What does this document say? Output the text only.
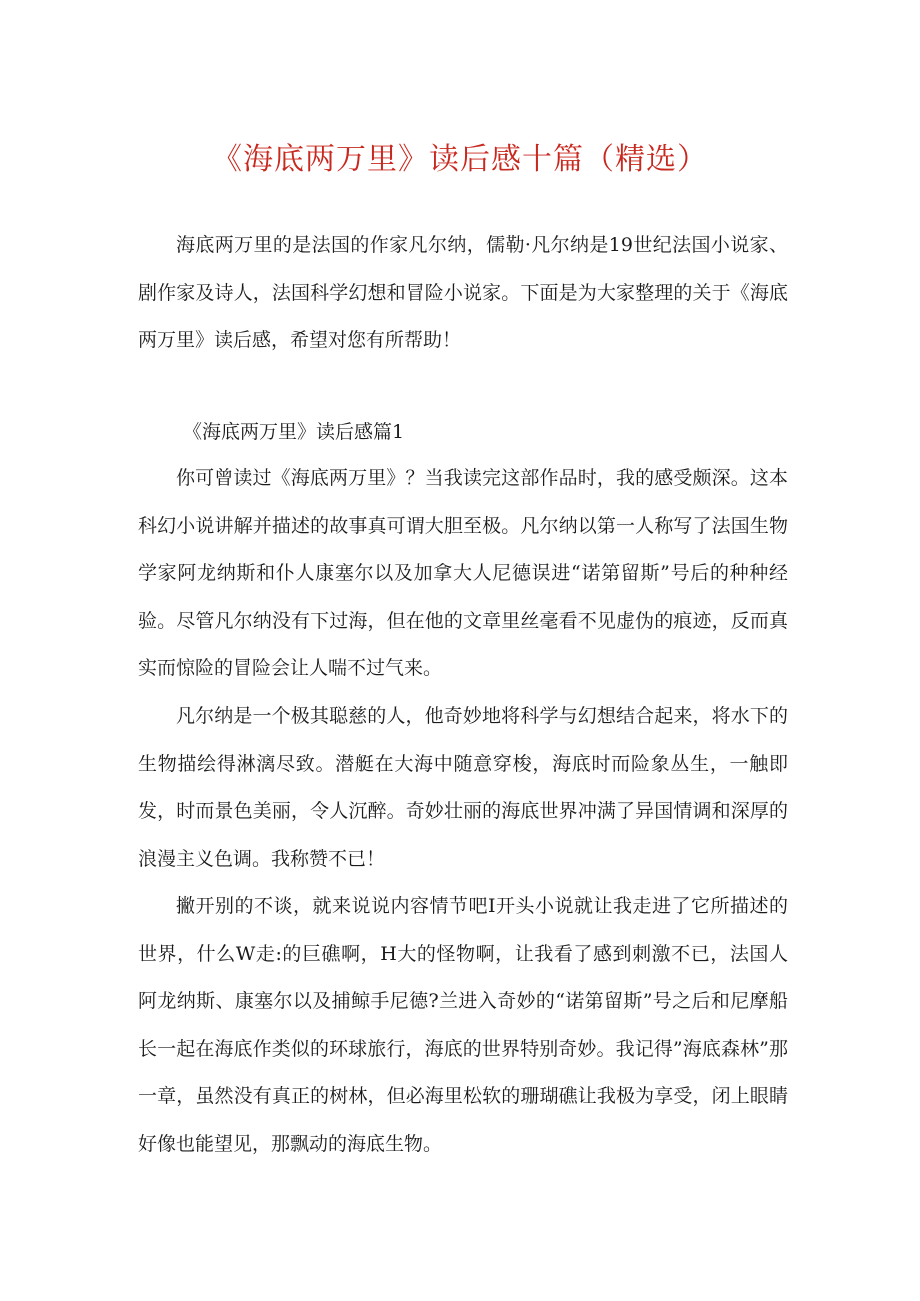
《海底两万里》读后感十篇（精选）

海底两万里的是法国的作家凡尔纳，儒勒·凡尔纳是19世纪法国小说家、剧作家及诗人，法国科学幻想和冒险小说家。下面是为大家整理的关于《海底两万里》读后感，希望对您有所帮助！

《海底两万里》读后感篇1

你可曾读过《海底两万里》？当我读完这部作品时，我的感受颇深。这本科幻小说讲解并描述的故事真可谓大胆至极。凡尔纳以第一人称写了法国生物学家阿龙纳斯和仆人康塞尔以及加拿大人尼德误进“诺第留斯”号后的种种经验。尽管凡尔纳没有下过海，但在他的文章里丝毫看不见虚伪的痕迹，反而真实而惊险的冒险会让人喘不过气来。

凡尔纳是一个极其聪慈的人，他奇妙地将科学与幻想结合起来，将水下的生物描绘得淋漓尽致。潜艇在大海中随意穿梭，海底时而险象丛生，一触即发，时而景色美丽，令人沉醉。奇妙壮丽的海底世界冲满了异国情调和深厚的浪漫主义色调。我称赞不已！

撇开别的不谈，就来说说内容情节吧I开头小说就让我走进了它所描述的世界，什么W走:的巨礁啊，H大的怪物啊，让我看了感到刺激不已，法国人阿龙纳斯、康塞尔以及捕鲸手尼德?兰进入奇妙的“诺第留斯”号之后和尼摩船长一起在海底作类似的环球旅行，海底的世界特别奇妙。我记得”海底森林”那一章，虽然没有真正的树林，但必海里松软的珊瑚礁让我极为享受，闭上眼睛好像也能望见，那飘动的海底生物。
